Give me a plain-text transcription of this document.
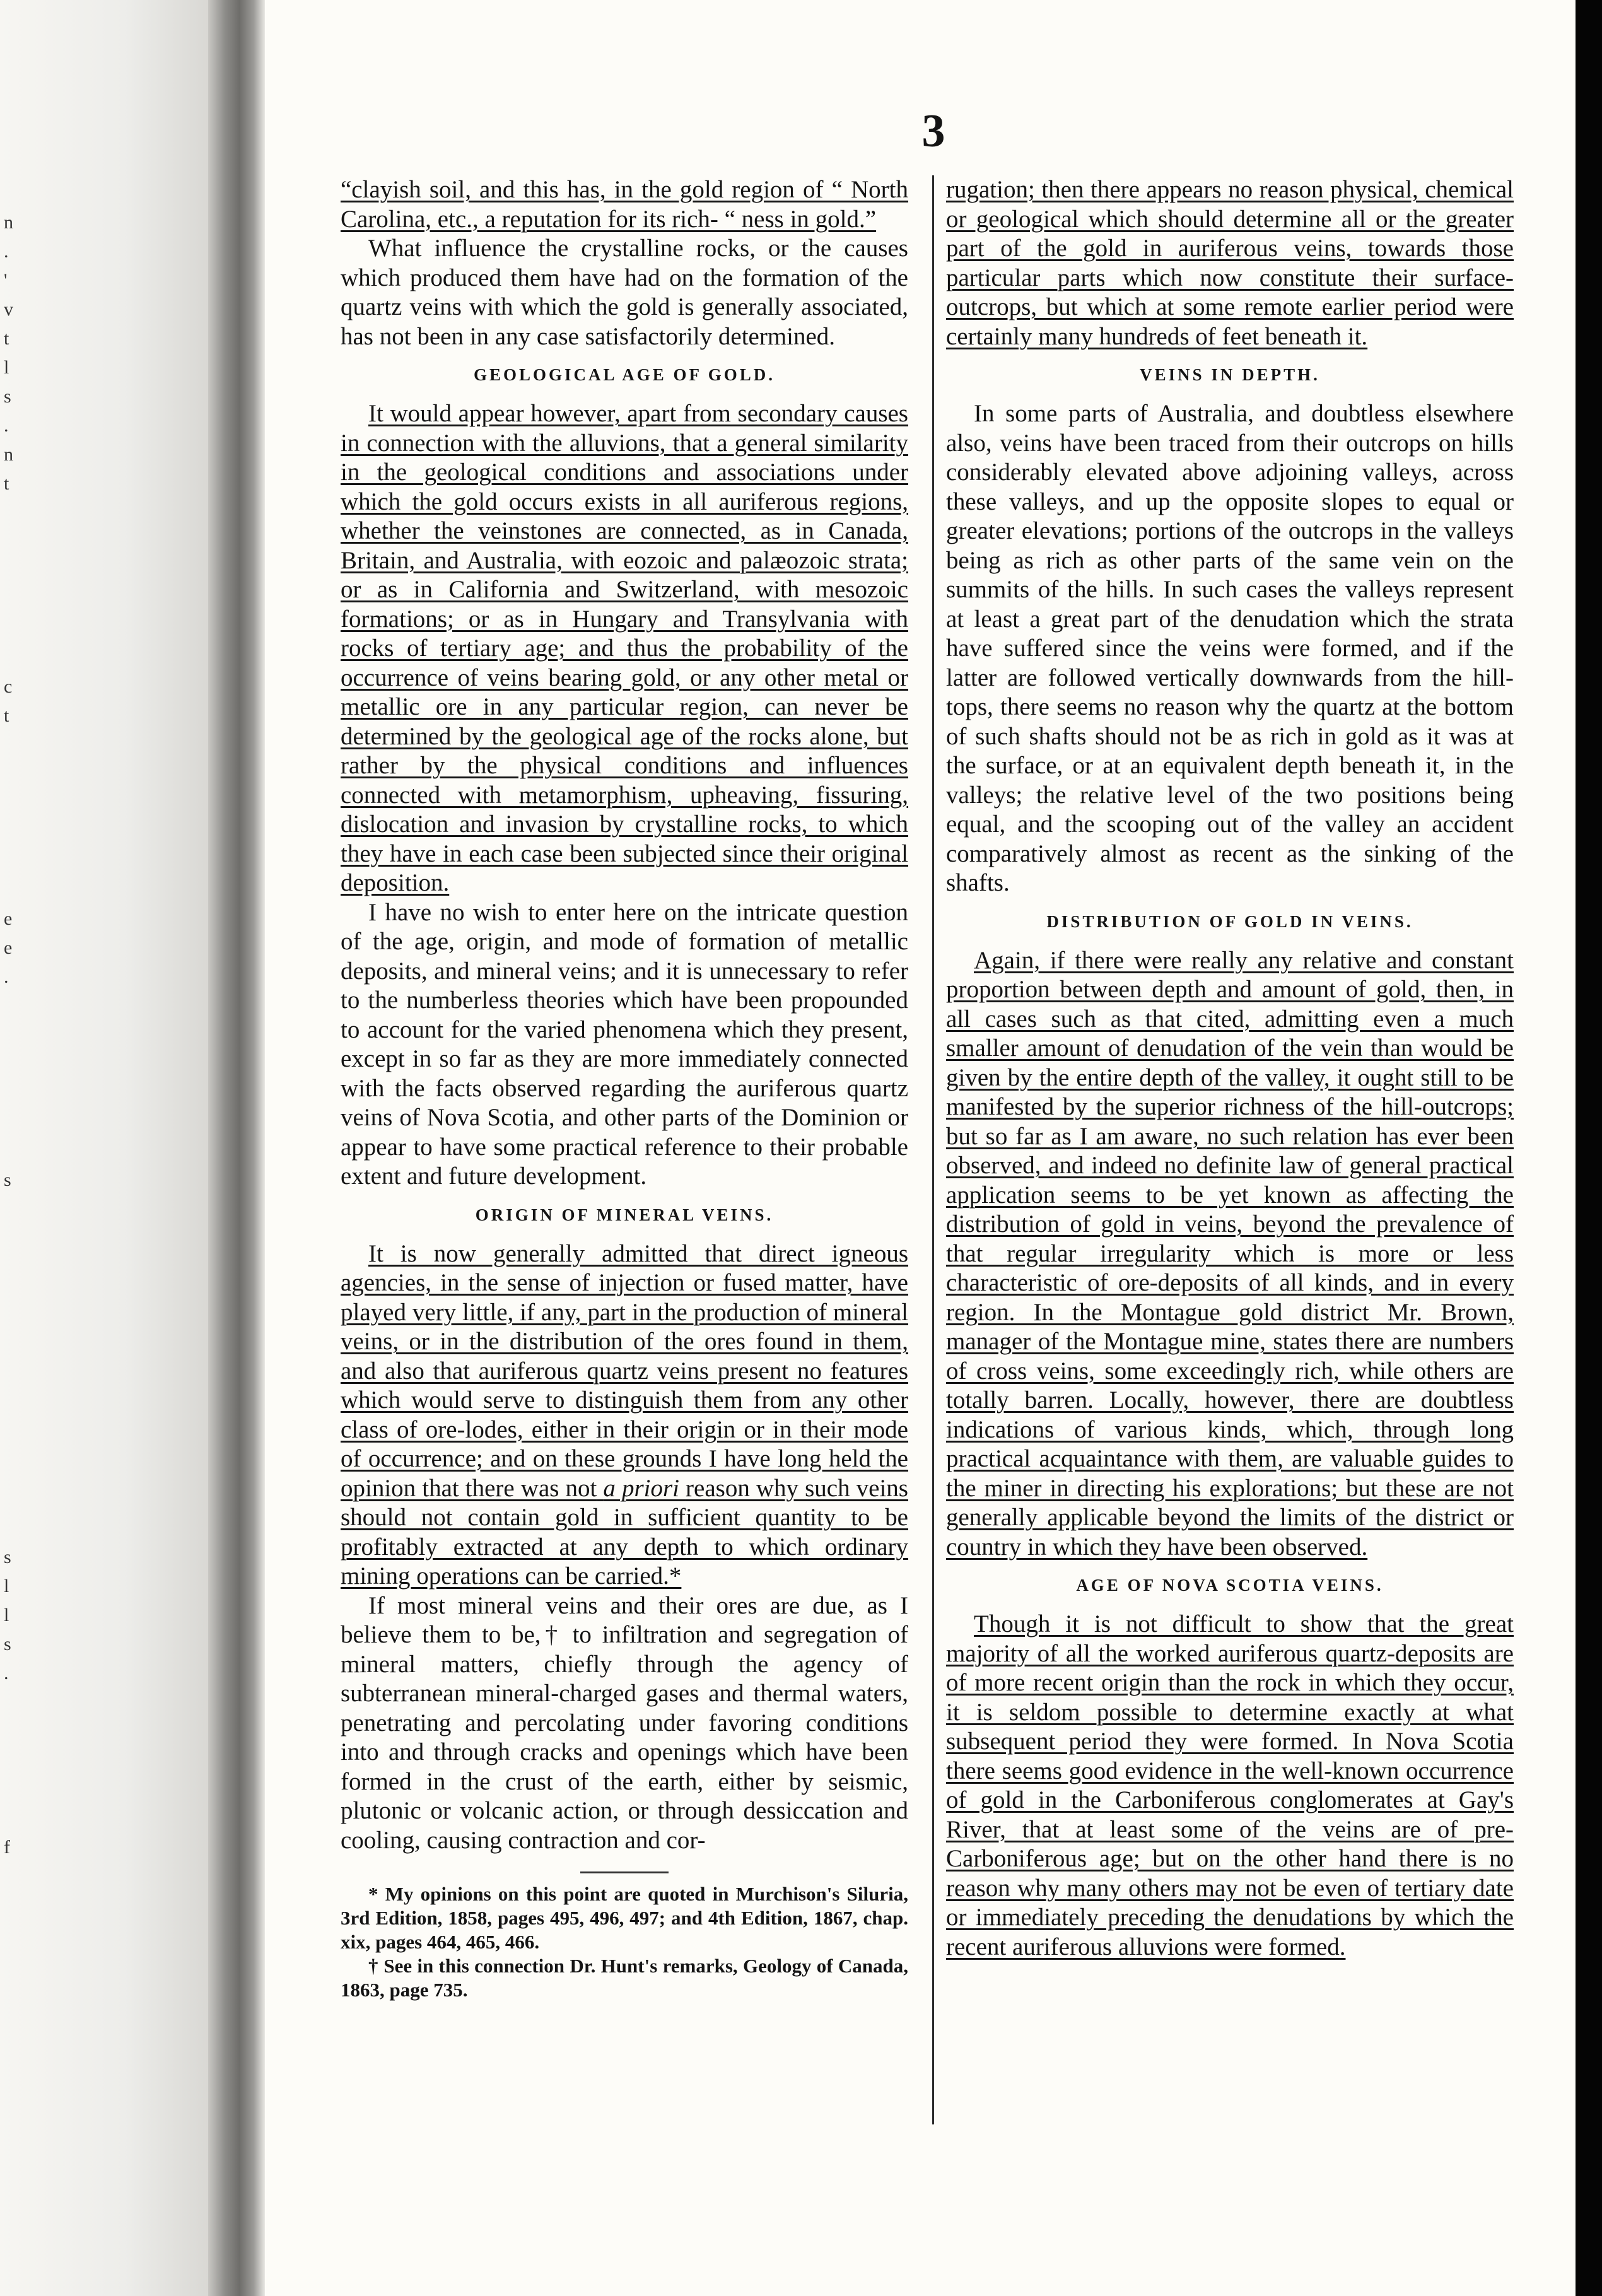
n
.
'
v
t
l
s
.
n
t

c
t

e
e
.

s

s
l
l
s
.

f
3

“clayish soil, and this has, in the gold region of “ North Carolina, etc., a reputation for its rich- “ ness in gold.”

What influence the crystalline rocks, or the causes which produced them have had on the formation of the quartz veins with which the gold is generally associated, has not been in any case satisfactorily determined.

GEOLOGICAL AGE OF GOLD.

It would appear however, apart from secondary causes in connection with the alluvions, that a general similarity in the geological conditions and associations under which the gold occurs exists in all auriferous regions, whether the veinstones are connected, as in Canada, Britain, and Australia, with eozoic and palæozoic strata; or as in California and Switzerland, with mesozoic formations; or as in Hungary and Transylvania with rocks of tertiary age; and thus the probability of the occurrence of veins bearing gold, or any other metal or metallic ore in any particular region, can never be determined by the geological age of the rocks alone, but rather by the physical conditions and influences connected with metamorphism, upheaving, fissuring, dislocation and invasion by crystalline rocks, to which they have in each case been subjected since their original deposition.

I have no wish to enter here on the intricate question of the age, origin, and mode of formation of metallic deposits, and mineral veins; and it is unnecessary to refer to the numberless theories which have been propounded to account for the varied phenomena which they present, except in so far as they are more immediately connected with the facts observed regarding the auriferous quartz veins of Nova Scotia, and other parts of the Dominion or appear to have some practical reference to their probable extent and future development.

ORIGIN OF MINERAL VEINS.

It is now generally admitted that direct igneous agencies, in the sense of injection or fused matter, have played very little, if any, part in the production of mineral veins, or in the distribution of the ores found in them, and also that auriferous quartz veins present no features which would serve to distinguish them from any other class of ore-lodes, either in their origin or in their mode of occurrence; and on these grounds I have long held the opinion that there was not a priori reason why such veins should not contain gold in sufficient quantity to be profitably extracted at any depth to which ordinary mining operations can be carried.*

If most mineral veins and their ores are due, as I believe them to be,† to infiltration and segregation of mineral matters, chiefly through the agency of subterranean mineral-charged gases and thermal waters, penetrating and percolating under favoring conditions into and through cracks and openings which have been formed in the crust of the earth, either by seismic, plutonic or volcanic action, or through dessiccation and cooling, causing contraction and cor-

* My opinions on this point are quoted in Murchison's Siluria, 3rd Edition, 1858, pages 495, 496, 497; and 4th Edition, 1867, chap. xix, pages 464, 465, 466.

† See in this connection Dr. Hunt's remarks, Geology of Canada, 1863, page 735.

rugation; then there appears no reason physical, chemical or geological which should determine all or the greater part of the gold in auriferous veins, towards those particular parts which now constitute their surface-outcrops, but which at some remote earlier period were certainly many hundreds of feet beneath it.

VEINS IN DEPTH.

In some parts of Australia, and doubtless elsewhere also, veins have been traced from their outcrops on hills considerably elevated above adjoining valleys, across these valleys, and up the opposite slopes to equal or greater elevations; portions of the outcrops in the valleys being as rich as other parts of the same vein on the summits of the hills. In such cases the valleys represent at least a great part of the denudation which the strata have suffered since the veins were formed, and if the latter are followed vertically downwards from the hill-tops, there seems no reason why the quartz at the bottom of such shafts should not be as rich in gold as it was at the surface, or at an equivalent depth beneath it, in the valleys; the relative level of the two positions being equal, and the scooping out of the valley an accident comparatively almost as recent as the sinking of the shafts.

DISTRIBUTION OF GOLD IN VEINS.

Again, if there were really any relative and constant proportion between depth and amount of gold, then, in all cases such as that cited, admitting even a much smaller amount of denudation of the vein than would be given by the entire depth of the valley, it ought still to be manifested by the superior richness of the hill-outcrops; but so far as I am aware, no such relation has ever been observed, and indeed no definite law of general practical application seems to be yet known as affecting the distribution of gold in veins, beyond the prevalence of that regular irregularity which is more or less characteristic of ore-deposits of all kinds, and in every region. In the Montague gold district Mr. Brown, manager of the Montague mine, states there are numbers of cross veins, some exceedingly rich, while others are totally barren. Locally, however, there are doubtless indications of various kinds, which, through long practical acquaintance with them, are valuable guides to the miner in directing his explorations; but these are not generally applicable beyond the limits of the district or country in which they have been observed.

AGE OF NOVA SCOTIA VEINS.

Though it is not difficult to show that the great majority of all the worked auriferous quartz-deposits are of more recent origin than the rock in which they occur, it is seldom possible to determine exactly at what subsequent period they were formed. In Nova Scotia there seems good evidence in the well-known occurrence of gold in the Carboniferous conglomerates at Gay's River, that at least some of the veins are of pre-Carboniferous age; but on the other hand there is no reason why many others may not be even of tertiary date or immediately preceding the denudations by which the recent auriferous alluvions were formed.
